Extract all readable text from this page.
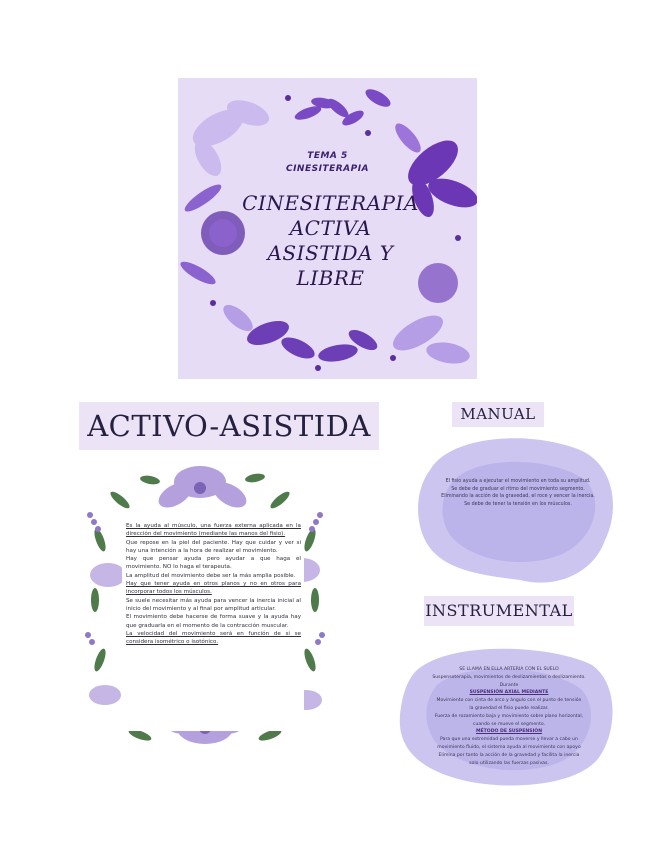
TEMA 5
CINESITERAPIA
CINESITERAPIA
ACTIVA
ASISTIDA Y
LIBRE
ACTIVO-ASISTIDA	MANUAL
INSTRUMENTAL

Es la ayuda al músculo, una fuerza externa aplicada en la dirección del movimiento (mediante las manos del fisio).

Que repose en la piel del paciente. Hay que cuidar y ver si hay una intención a la hora de realizar el movimiento.

Hay que pensar ayuda pero ayudar a que haga el movimiento. NO lo haga el terapeuta.

La amplitud del movimiento debe ser la más amplia posible.

Hay que tener ayuda en otros planos y no en otros para incorporar todos los músculos.

Se suele necesitar más ayuda para vencer la inercia inicial al inicio del movimiento y al final por amplitud articular.

El movimiento debe hacerse de forma suave y la ayuda hay que graduarla en el momento de la contracción muscular.

La velocidad del movimiento será en función de si se considera isométrico o isotónico.

El fisio ayuda a ejecutar el movimiento en toda su amplitud.
Se debe de graduar el ritmo del movimiento segmento.
Eliminando la acción de la gravedad, el roce y vencer la inercia.
Se debe de tener la tensión en los músculos.
SE LLAMA EN ELLA ARTERIA CON EL SUELO
Suspensoterapia, movimientos de deslizamientos o deslizamiento.
Durante
SUSPENSIÓN AXIAL MEDIANTE
Movimiento con cinta de arco y ángulo con el punto de tensión
la gravedad el fisio puede realizar.
Fuerza de rozamiento baja y movimiento sobre plano horizontal,
cuando se mueve el segmento.
MÉTODO DE SUSPENSIÓN
Para que una extremidad pueda moverse y llevar a cabo un
movimiento fluido, el sistema ayuda al movimiento con apoyo
Elimina por tanto la acción de la gravedad y facilita la inercia
solo utilizando las fuerzas pasivas.
